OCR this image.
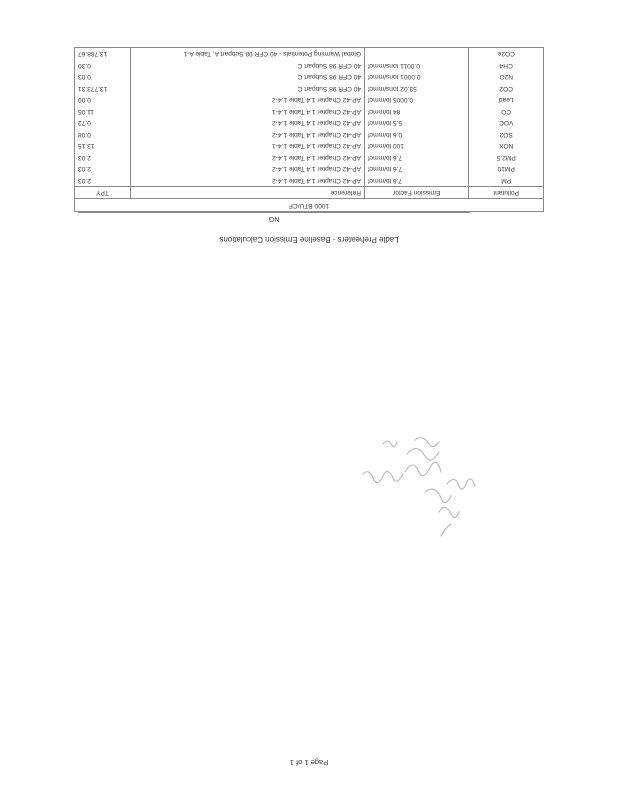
Ladle Preheaters - Baseline Emission Calculations
NG
1000 BTU/CF			
Pollutant	Emission Factor	Reference	TPY
PM	7.6 lb/mmcf	AP-42 Chapter 1.4 Table 1.4-2	2.03
PM10	7.6 lb/mmcf	AP-42 Chapter 1.4 Table 1.4-2	2.03
PM2.5	7.6 lb/mmcf	AP-42 Chapter 1.4 Table 1.4-2	2.03
NOX	100 lb/mmcf	AP-42 Chapter 1.4 Table 1.4-1	13.15
SO2	0.6 lb/mmcf	AP-42 Chapter 1.4 Table 1.4-2	0.08
VOC	5.5 lb/mmcf	AP-42 Chapter 1.4 Table 1.4-2	0.72
CO	84 lb/mmcf	AP-42 Chapter 1.4 Table 1.4-1	11.05
Lead	0.0005 lb/mmcf	AP-42 Chapter 1.4 Table 1.4-2	0.00
CO2	53.02 tons/mmcf	40 CFR 98 Subpart C	13,773.31
N2O	0.0001 tons/mmcf	40 CFR 98 Subpart C	0.03
CH4	0.0011 tons/mmcf	40 CFR 98 Subpart C	0.30
CO2e		Global Warming Potentials - 40 CFR 98 Subpart A, Table A-1	13,788.67
Page 1 of 1
